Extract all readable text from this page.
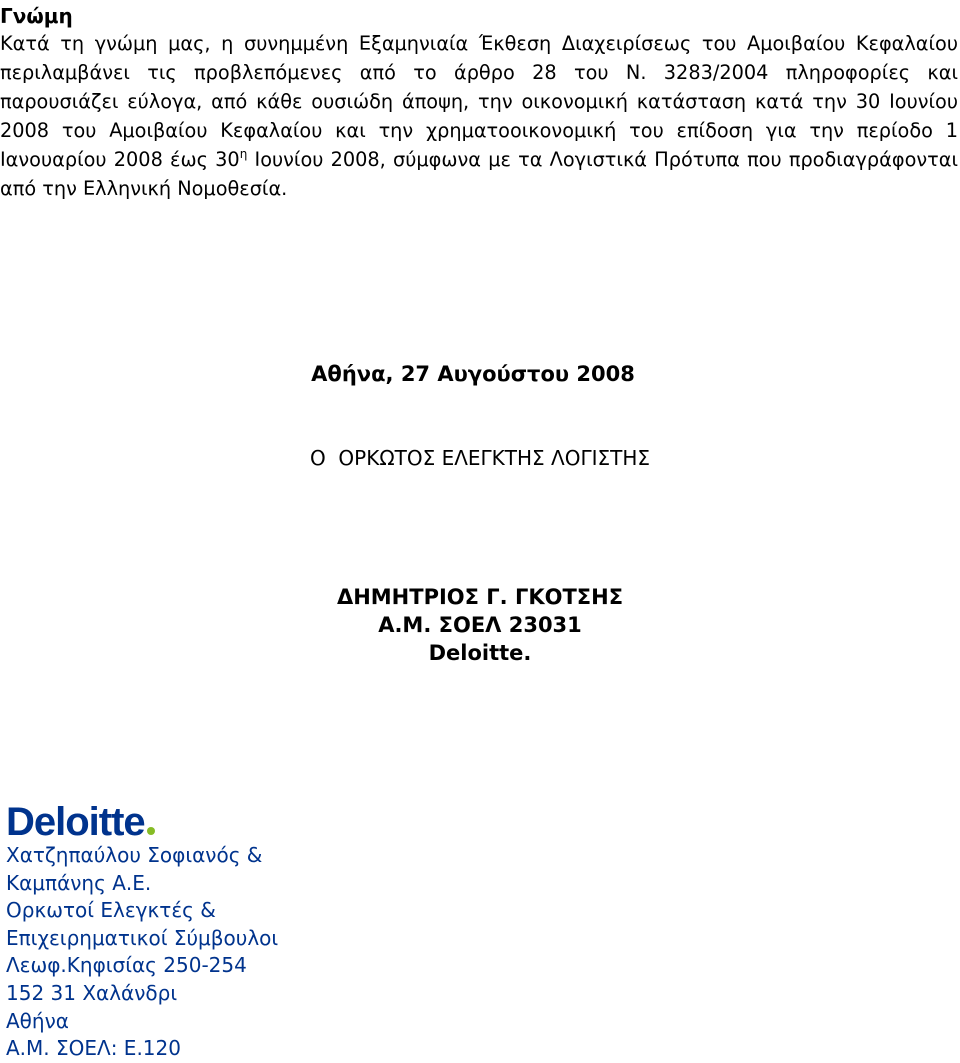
Γνώμη

Κατά τη γνώμη μας, η συνημμένη Εξαμηνιαία Έκθεση Διαχειρίσεως του Αμοιβαίου Κεφαλαίου περιλαμβάνει τις προβλεπόμενες από το άρθρο 28 του Ν. 3283/2004 πληροφορίες και παρουσιάζει εύλογα, από κάθε ουσιώδη άποψη, την οικονομική κατάσταση κατά την 30 Ιουνίου 2008 του Αμοιβαίου Κεφαλαίου και την χρηματοοικονομική του επίδοση για την περίοδο 1 Ιανουαρίου 2008 έως $30^\eta$ Ιουνίου 2008, σύμφωνα με τα Λογιστικά Πρότυπα που προδιαγράφονται από την Ελληνική Νομοθεσία.

Αθήνα, 27 Αυγούστου 2008

Ο  ΟΡΚΩΤΟΣ ΕΛΕΓΚΤΗΣ ΛΟΓΙΣΤΗΣ

ΔΗΜΗΤΡΙΟΣ Γ. ΓΚΟΤΣΗΣ
Α.Μ. ΣΟΕΛ 23031
Deloitte.
Deloitte
Χατζηπαύλου Σοφιανός &
Καμπάνης Α.Ε.
Ορκωτοί Ελεγκτές &
Επιχειρηματικοί Σύμβουλοι
Λεωφ.Κηφισίας 250-254
152 31 Χαλάνδρι
Αθήνα
Α.Μ. ΣΟΕΛ: Ε.120
